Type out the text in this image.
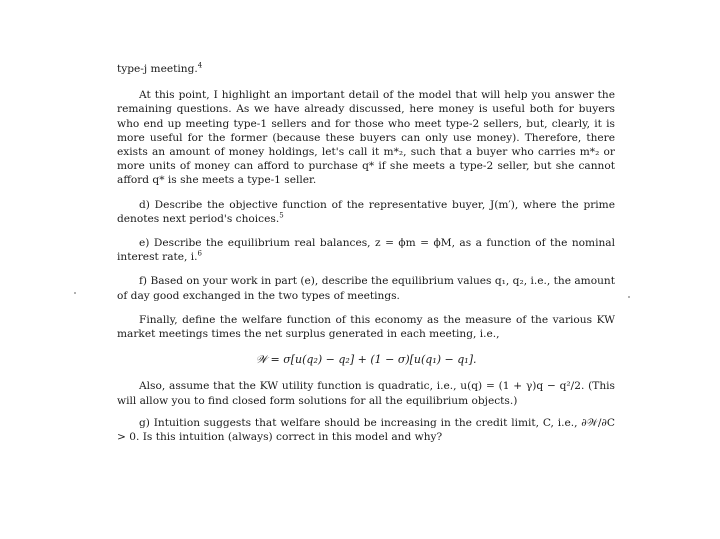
type-j meeting.$^4$

At this point, I highlight an important detail of the model that will help you answer the remaining questions. As we have already discussed, here money is useful both for buyers who end up meeting type-1 sellers and for those who meet type-2 sellers, but, clearly, it is more useful for the former (because these buyers can only use money). Therefore, there exists an amount of money holdings, let's call it m*₂, such that a buyer who carries m*₂ or more units of money can afford to purchase q* if she meets a type-2 seller, but she cannot afford q* is she meets a type-1 seller.

d) Describe the objective function of the representative buyer, J(m′), where the prime denotes next period's choices.$^5$

e) Describe the equilibrium real balances, z = ϕm = ϕM, as a function of the nominal interest rate, i.$^6$

f) Based on your work in part (e), describe the equilibrium values q₁, q₂, i.e., the amount of day good exchanged in the two types of meetings.

Finally, define the welfare function of this economy as the measure of the various KW market meetings times the net surplus generated in each meeting, i.e.,

𝒲 = σ[u(q₂) − q₂] + (1 − σ)[u(q₁) − q₁].

Also, assume that the KW utility function is quadratic, i.e., u(q) = (1 + γ)q − q²/2. (This will allow you to find closed form solutions for all the equilibrium objects.)

g) Intuition suggests that welfare should be increasing in the credit limit, C, i.e., ∂𝒲/∂C > 0. Is this intuition (always) correct in this model and why?
